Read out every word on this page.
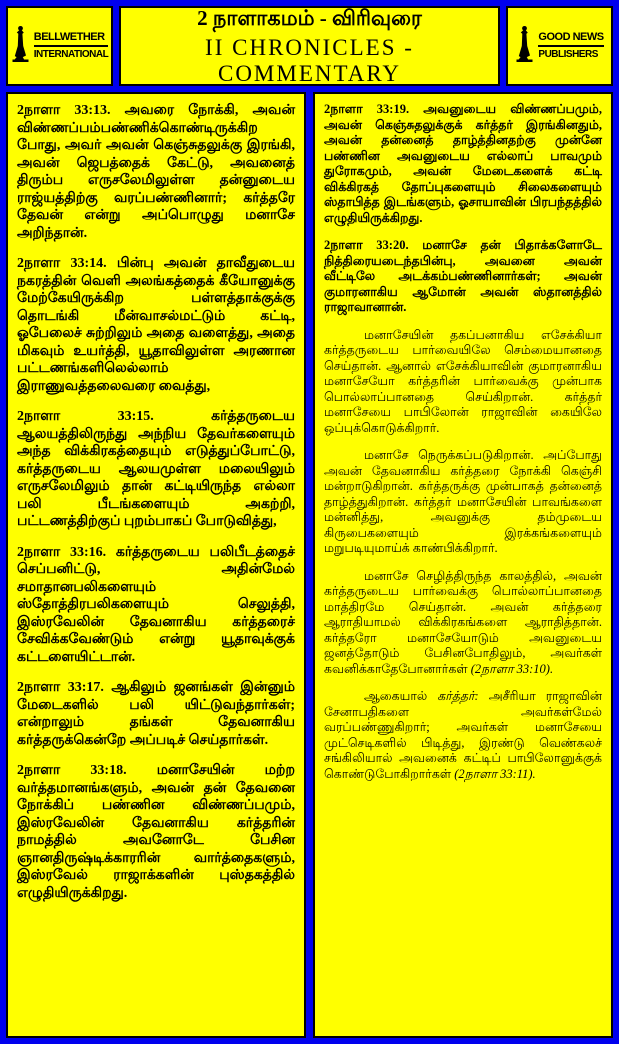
BELLWETHER
INTERNATIONAL
2 நாளாகமம் - விரிவுரை
II CHRONICLES - COMMENTARY
GOOD NEWS
PUBLISHERS

2நாளா 33:13. அவரை நோக்கி, அவன் விண்ணப்பம்பண்ணிக்கொண்டிருக்கிற போது, அவர் அவன் கெஞ்சுதலுக்கு இரங்கி, அவன் ஜெபத்தைக் கேட்டு, அவனைத் திரும்ப எருசலேமிலுள்ள தன்னுடைய ராஜ்யத்திற்கு வரப்பண்ணினார்; கர்த்தரே தேவன் என்று அப்பொழுது மனாசே அறிந்தான்.

2நாளா 33:14. பின்பு அவன் தாவீதுடைய நகரத்தின் வெளி அலங்கத்தைக் கீயோனுக்கு மேற்கேயிருக்கிற பள்ளத்தாக்குக்கு தொடங்கி மீன்வாசல்மட்டும் கட்டி, ஓபேலைச் சுற்றிலும் அதை வளைத்து, அதை மிகவும் உயர்த்தி, யூதாவிலுள்ள அரணான பட்டணங்களிலெல்லாம் இராணுவத்தலைவரை வைத்து,

2நாளா 33:15.	கர்த்தருடைய ஆலயத்திலிருந்து அந்நிய தேவர்களையும் அந்த விக்கிரகத்தையும் எடுத்துப்போட்டு, கர்த்தருடைய ஆலயமுள்ள மலையிலும் எருசலேமிலும் தான் கட்டியிருந்த எல்லா பலி பீடங்களையும் அகற்றி, பட்டணத்திற்குப் புறம்பாகப் போடுவித்து,

2நாளா 33:16. கர்த்தருடைய பலிபீடத்தைச் செப்பனிட்டு, அதின்மேல் சமாதானபலிகளையும் ஸ்தோத்திரபலிகளையும் செலுத்தி, இஸ்ரவேலின் தேவனாகிய கர்த்தரைச் சேவிக்கவேண்டும் என்று யூதாவுக்குக் கட்டளையிட்டான்.

2நாளா 33:17. ஆகிலும் ஜனங்கள் இன்னும் மேடைகளில் பலி யிட்டுவந்தார்கள்; என்றாலும் தங்கள் தேவனாகிய கர்த்தருக்கென்றே அப்படிச் செய்தார்கள்.

2நாளா 33:18. மனாசேயின் மற்ற வர்த்தமானங்களும், அவன் தன் தேவனை நோக்கிப் பண்ணின விண்ணப்பமும், இஸ்ரவேலின் தேவனாகிய கர்த்தரின் நாமத்தில் அவனோடே பேசின ஞானதிருஷ்டிக்காரரின் வார்த்தைகளும், இஸ்ரவேல் ராஜாக்களின் புஸ்தகத்தில் எழுதியிருக்கிறது.

2நாளா 33:19. அவனுடைய விண்ணப்பமும், அவன் கெஞ்சுதலுக்குக் கர்த்தர் இரங்கினதும், அவன் தன்னைத் தாழ்த்தினதற்கு முன்னே பண்ணின அவனுடைய எல்லாப் பாவமும் துரோகமும், அவன் மேடைகளைக் கட்டி விக்கிரகத் தோப்புகளையும் சிலைகளையும் ஸ்தாபித்த இடங்களும், ஓசாயாவின் பிரபந்தத்தில் எழுதியிருக்கிறது.

2நாளா 33:20. மனாசே தன் பிதாக்களோடே நித்திரையடைந்தபின்பு, அவனை அவன் வீட்டிலே அடக்கம்பண்ணினார்கள்; அவன் குமாரனாகிய ஆமோன் அவன் ஸ்தானத்தில் ராஜாவானான்.

மனாசேயின் தகப்பனாகிய எசேக்கியா கர்த்தருடைய பார்வையிலே செம்மையானதை செய்தான். ஆனால் எசேக்கியாவின் குமாரனாகிய மனாசேயோ கர்த்தரின் பார்வைக்கு முன்பாக பொல்லாப்பானதை செய்கிறான். கர்த்தர் மனாசேயை பாபிலோன் ராஜாவின் கையிலே ஒப்புக்கொடுக்கிறார்.

மனாசே நெருக்கப்படுகிறான். அப்போது அவன் தேவனாகிய கர்த்தரை நோக்கி கெஞ்சி மன்றாடுகிறான். கர்த்தருக்கு முன்பாகத் தன்னைத் தாழ்த்துகிறான். கர்த்தர் மனாசேயின் பாவங்களை மன்னித்து, அவனுக்கு தம்முடைய கிருபைகளையும் இரக்கங்களையும் மறுபடியுமாய்க் காண்பிக்கிறார்.

மனாசே செழித்திருந்த காலத்தில், அவன் கர்த்தருடைய பார்வைக்கு பொல்லாப்பானதை மாத்திரமே செய்தான். அவன் கர்த்தரை ஆராதியாமல் விக்கிரகங்களை ஆராதித்தான். கர்த்தரோ மனாசேயோடும் அவனுடைய ஜனத்தோடும் பேசினபோதிலும், அவர்கள் கவனிக்காதேபோனார்கள் (2நாளா 33:10).

ஆகையால் கர்த்தர்: அசீரியா ராஜாவின் சேனாபதிகளை அவர்கள்மேல் வரப்பண்ணுகிறார்; அவர்கள் மனாசேயை முட்செடிகளில் பிடித்து, இரண்டு வெண்கலச் சங்கிலியால் அவனைக் கட்டிப் பாபிலோனுக்குக் கொண்டுபோகிறார்கள் (2நாளா 33:11).
